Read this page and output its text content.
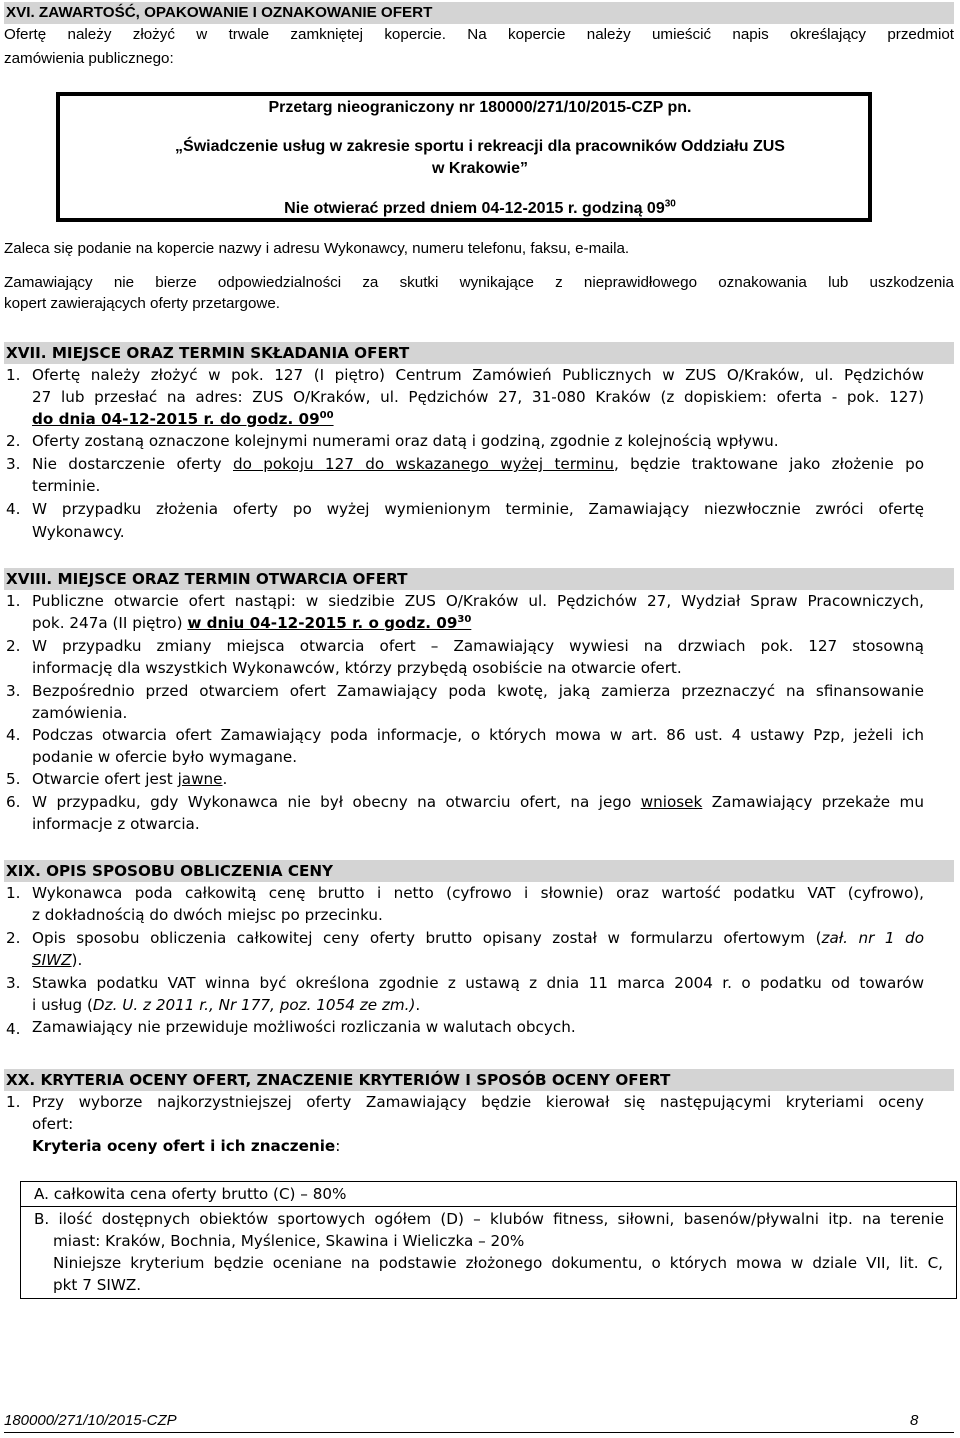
XVI. ZAWARTOŚĆ, OPAKOWANIE I OZNAKOWANIE OFERT
Ofertę należy złożyć w trwale zamkniętej kopercie. Na kopercie należy umieścić napis określający przedmiot
zamówienia publicznego:
Przetarg nieograniczony nr 180000/271/10/2015-CZP pn.
„Świadczenie usług w zakresie sportu i rekreacji dla pracowników Oddziału ZUS
w Krakowie”
Nie otwierać przed dniem 04-12-2015 r. godziną $09^{30}$
Zaleca się podanie na kopercie nazwy i adresu Wykonawcy, numeru telefonu, faksu, e-maila.
Zamawiający nie bierze odpowiedzialności za skutki wynikające z nieprawidłowego oznakowania lub uszkodzenia
kopert zawierających oferty przetargowe.
XVII. MIEJSCE ORAZ TERMIN SKŁADANIA OFERT
1. Ofertę należy złożyć w pok. 127 (I piętro) Centrum Zamówień Publicznych w ZUS O/Kraków, ul. Pędzichów
27 lub przesłać na adres: ZUS O/Kraków, ul. Pędzichów 27, 31-080 Kraków (z dopiskiem: oferta - pok. 127)
do dnia 04-12-2015 r. do godz. $09^{00}$
2. Oferty zostaną oznaczone kolejnymi numerami oraz datą i godziną, zgodnie z kolejnością wpływu.
3. Nie dostarczenie oferty do pokoju 127 do wskazanego wyżej terminu, będzie traktowane jako złożenie po
terminie.
4. W przypadku złożenia oferty po wyżej wymienionym terminie, Zamawiający niezwłocznie zwróci ofertę
Wykonawcy.
XVIII. MIEJSCE ORAZ TERMIN OTWARCIA OFERT
1. Publiczne otwarcie ofert nastąpi: w siedzibie ZUS O/Kraków ul. Pędzichów 27, Wydział Spraw Pracowniczych,
pok. 247a (II piętro) w dniu 04-12-2015 r. o godz. $09^{30}$
2. W przypadku zmiany miejsca otwarcia ofert – Zamawiający wywiesi na drzwiach pok. 127 stosowną
informację dla wszystkich Wykonawców, którzy przybędą osobiście na otwarcie ofert.
3. Bezpośrednio przed otwarciem ofert Zamawiający poda kwotę, jaką zamierza przeznaczyć na sfinansowanie
zamówienia.
4. Podczas otwarcia ofert Zamawiający poda informacje, o których mowa w art. 86 ust. 4 ustawy Pzp, jeżeli ich
podanie w ofercie było wymagane.
5. Otwarcie ofert jest jawne.
6. W przypadku, gdy Wykonawca nie był obecny na otwarciu ofert, na jego wniosek Zamawiający przekaże mu
informacje z otwarcia.
XIX. OPIS SPOSOBU OBLICZENIA CENY
1. Wykonawca poda całkowitą cenę brutto i netto (cyfrowo i słownie) oraz wartość podatku VAT (cyfrowo),
z dokładnością do dwóch miejsc po przecinku.
2. Opis sposobu obliczenia całkowitej ceny oferty brutto opisany został w formularzu ofertowym (zał. nr 1 do
SIWZ).
3. Stawka podatku VAT winna być określona zgodnie z ustawą z dnia 11 marca 2004 r. o podatku od towarów
i usług (Dz. U. z 2011 r., Nr 177, poz. 1054 ze zm.).
4. Zamawiający nie przewiduje możliwości rozliczania w walutach obcych.
XX. KRYTERIA OCENY OFERT, ZNACZENIE KRYTERIÓW I SPOSÓB OCENY OFERT
1. Przy wyborze najkorzystniejszej oferty Zamawiający będzie kierował się następującymi kryteriami oceny
ofert:
Kryteria oceny ofert i ich znaczenie:
A. całkowita cena oferty brutto (C) – 80%
B. ilość dostępnych obiektów sportowych ogółem (D) – klubów fitness, siłowni, basenów/pływalni itp. na terenie
miast: Kraków, Bochnia, Myślenice, Skawina i Wieliczka – 20%
Niniejsze kryterium będzie oceniane na podstawie złożonego dokumentu, o których mowa w dziale VII, lit. C,
pkt 7 SIWZ.
180000/271/10/2015-CZP	8
